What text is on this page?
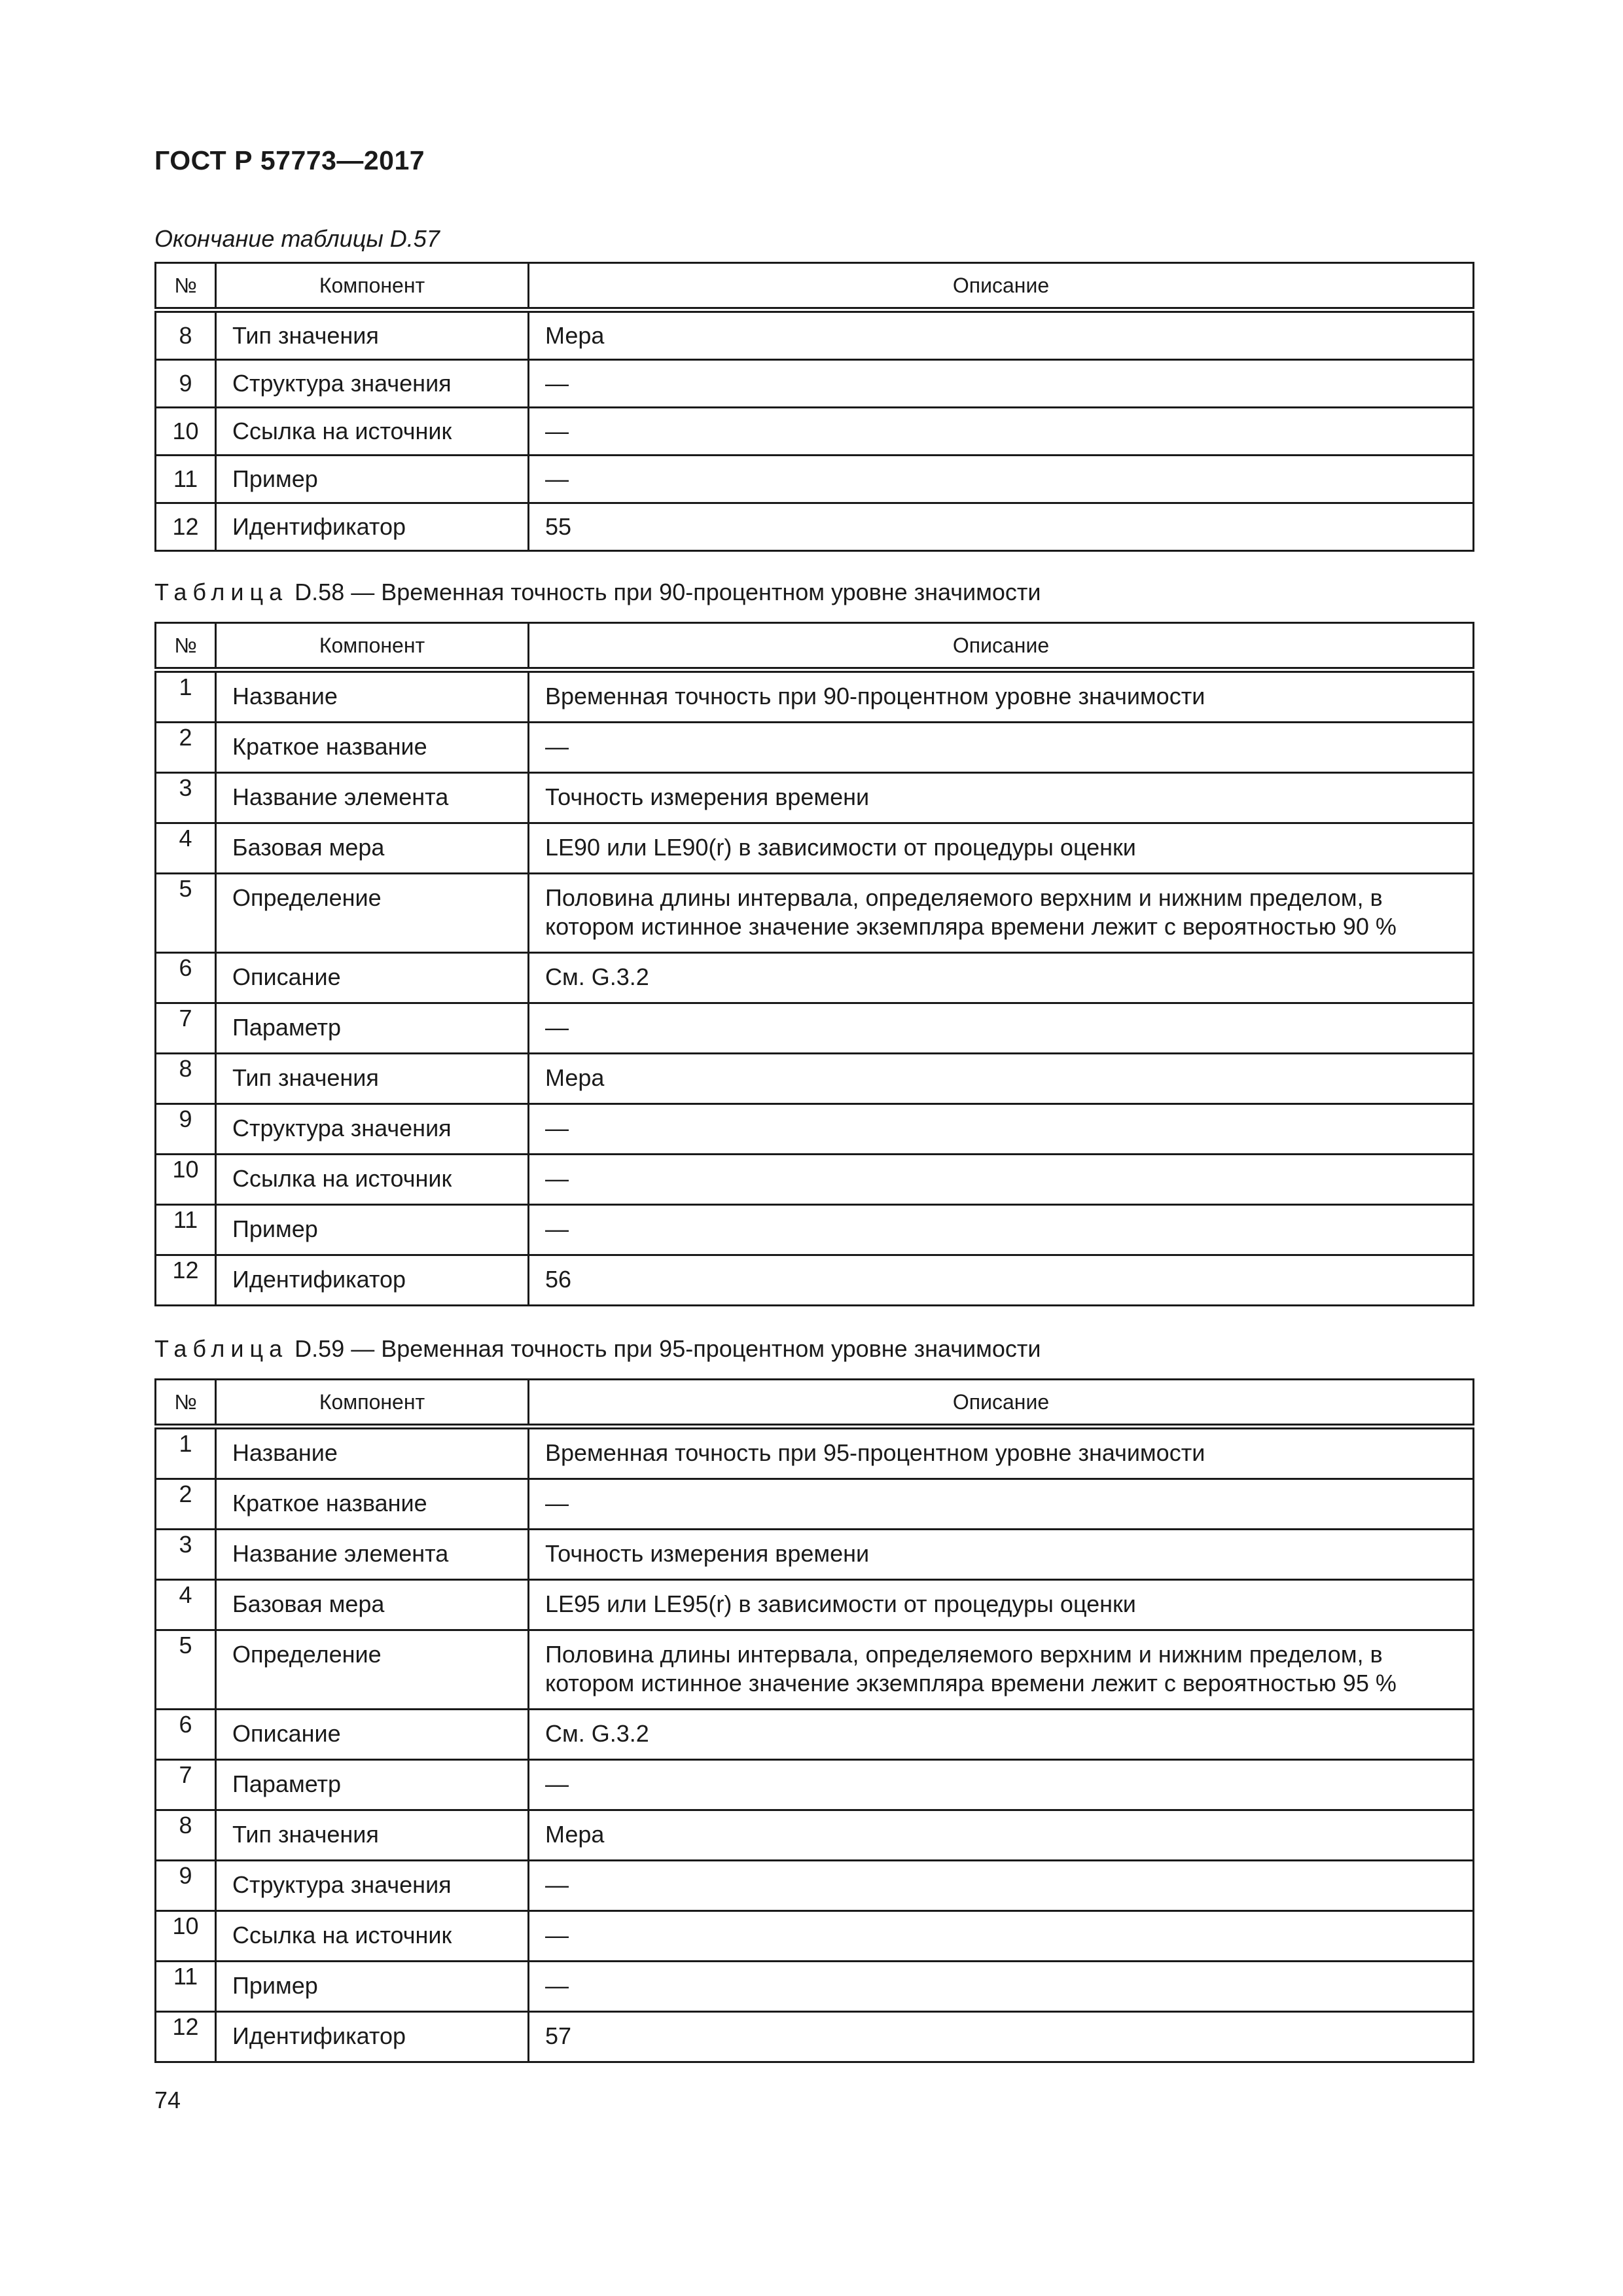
ГОСТ Р 57773—2017
Окончание таблицы D.57
№	Компонент	Описание
8	Тип значения	Мера
9	Структура значения	—
10	Ссылка на источник	—
11	Пример	—
12	Идентификатор	55
Таблица D.58 — Временная точность при 90-процентном уровне значимости
№	Компонент	Описание
1	Название	Временная точность при 90-процентном уровне значимости
2	Краткое название	—
3	Название элемента	Точность измерения времени
4	Базовая мера	LE90 или LE90(r) в зависимости от процедуры оценки
5	Определение	Половина длины интервала, определяемого верхним и нижним пределом, в котором истинное значение экземпляра времени лежит с вероятностью 90 %
6	Описание	См. G.3.2
7	Параметр	—
8	Тип значения	Мера
9	Структура значения	—
10	Ссылка на источник	—
11	Пример	—
12	Идентификатор	56
Таблица D.59 — Временная точность при 95-процентном уровне значимости
№	Компонент	Описание
1	Название	Временная точность при 95-процентном уровне значимости
2	Краткое название	—
3	Название элемента	Точность измерения времени
4	Базовая мера	LE95 или LE95(r) в зависимости от процедуры оценки
5	Определение	Половина длины интервала, определяемого верхним и нижним пределом, в котором истинное значение экземпляра времени лежит с вероятностью 95 %
6	Описание	См. G.3.2
7	Параметр	—
8	Тип значения	Мера
9	Структура значения	—
10	Ссылка на источник	—
11	Пример	—
12	Идентификатор	57
74
